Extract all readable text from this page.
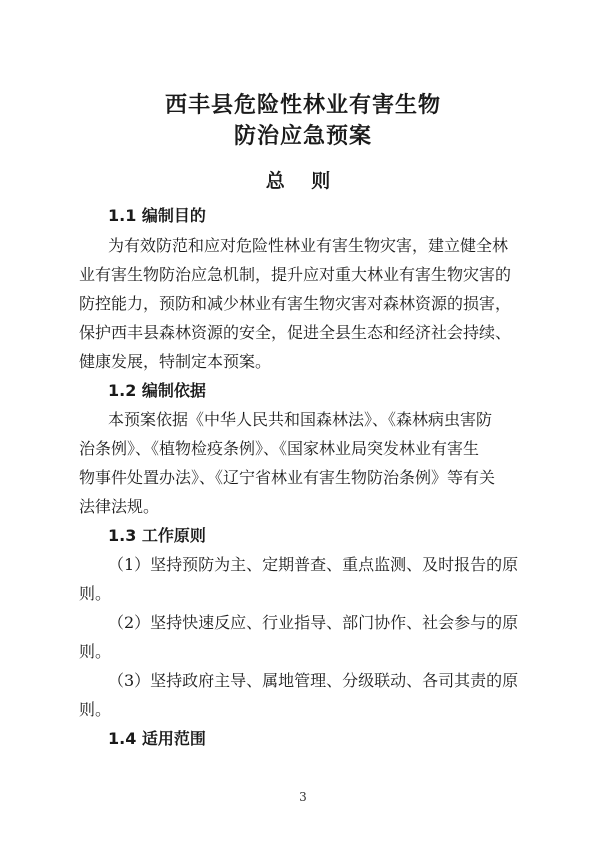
西丰县危险性林业有害生物
防治应急预案
总 则
1.1 编制目的
为有效防范和应对危险性林业有害生物灾害，建立健全林
业有害生物防治应急机制，提升应对重大林业有害生物灾害的
防控能力，预防和减少林业有害生物灾害对森林资源的损害，
保护西丰县森林资源的安全，促进全县生态和经济社会持续、
健康发展，特制定本预案。
1.2 编制依据
本预案依据《中华人民共和国森林法》、《森林病虫害防
治条例》、《植物检疫条例》、《国家林业局突发林业有害生
物事件处置办法》、《辽宁省林业有害生物防治条例》等有关
法律法规。
1.3 工作原则
（1）坚持预防为主、定期普查、重点监测、及时报告的原
则。
（2）坚持快速反应、行业指导、部门协作、社会参与的原
则。
（3）坚持政府主导、属地管理、分级联动、各司其责的原
则。
1.4 适用范围
3
